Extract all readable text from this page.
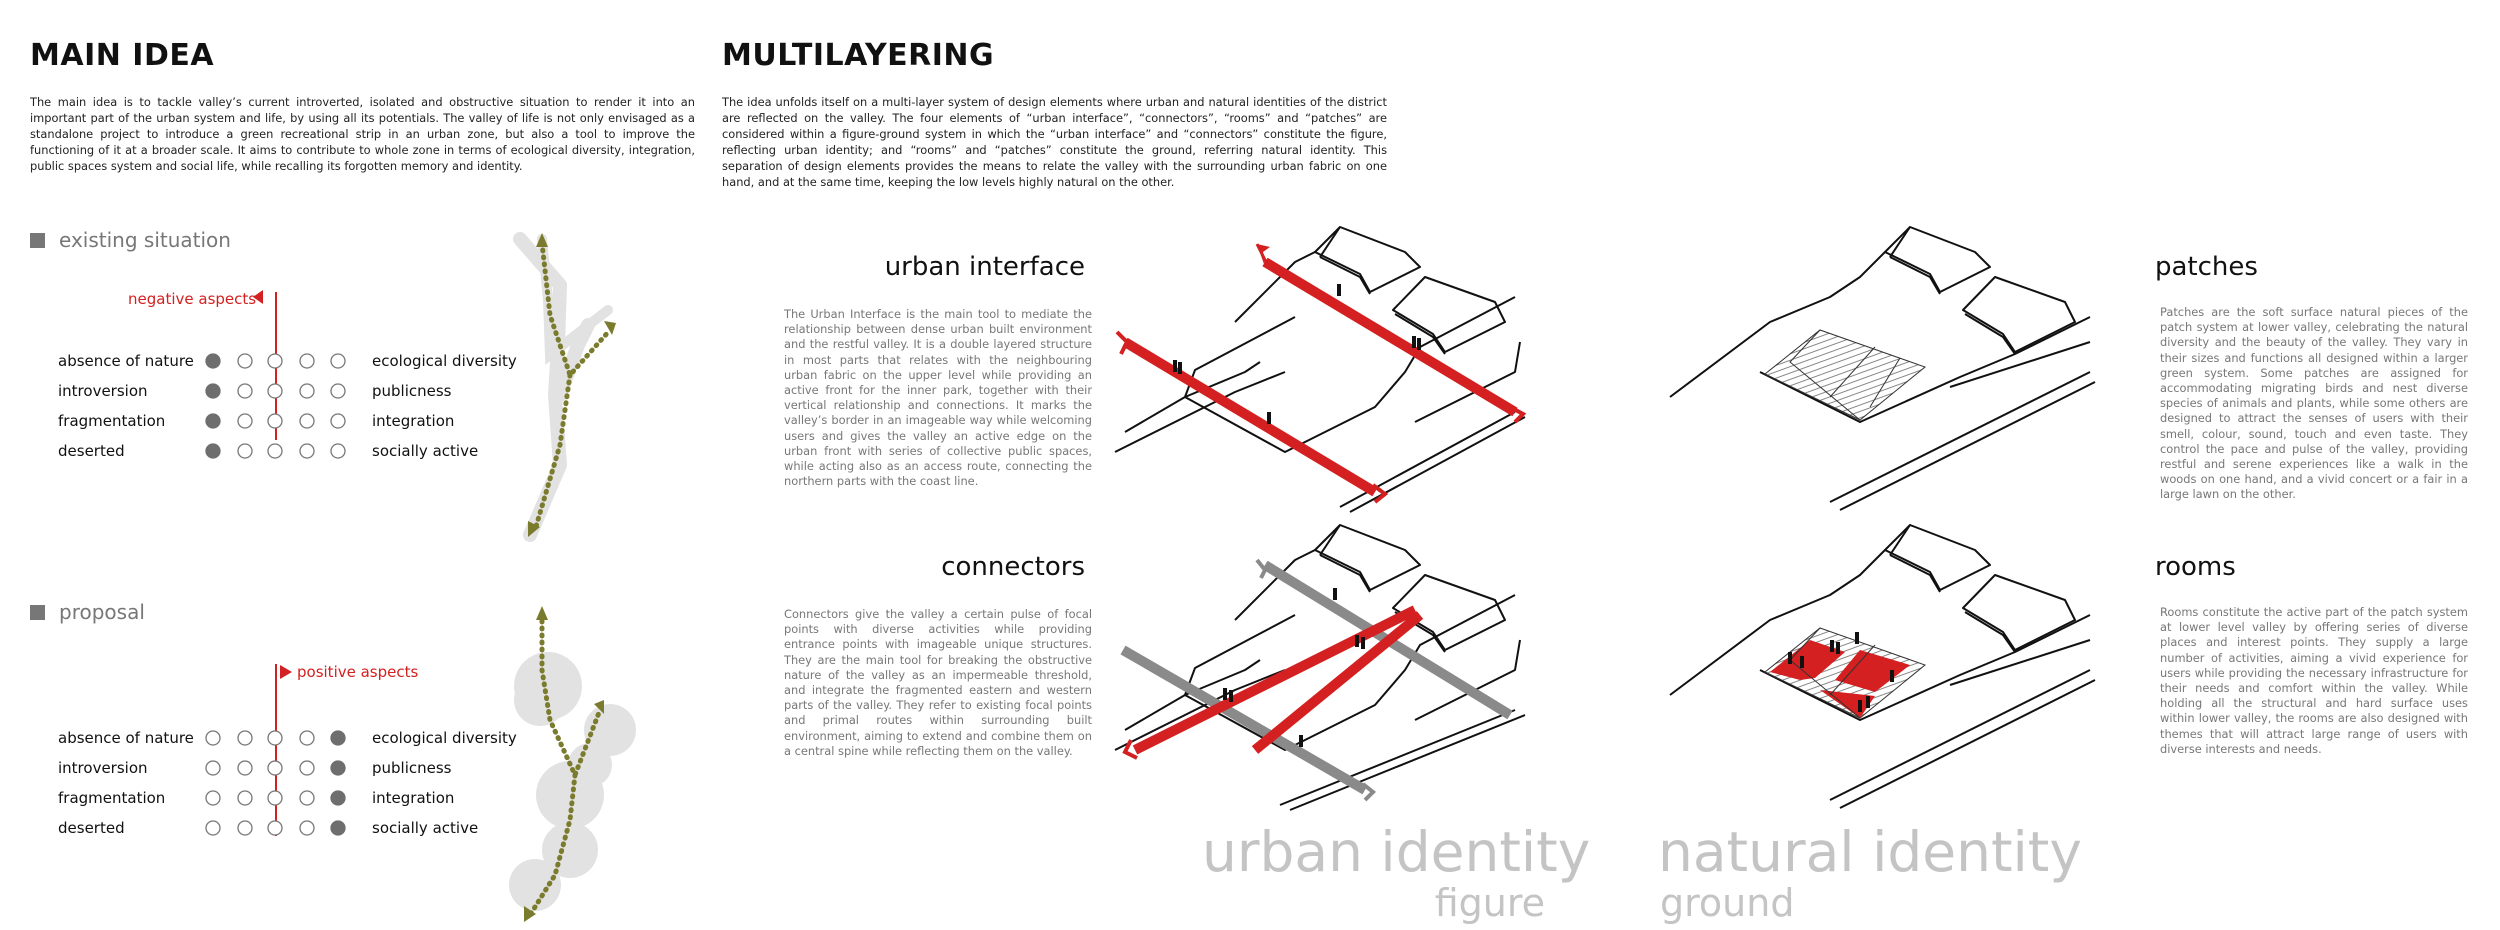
MAIN IDEA
The main idea is to tackle valley’s current introverted, isolated and obstructive situation to render it into an important part of the urban system and life, by using all its potentials. The valley of life is not only envisaged as a standalone project to introduce a green recreational strip in an urban zone, but also a tool to improve the functioning of it at a broader scale. It aims to contribute to whole zone in terms of ecological diversity, integration, public spaces system and social life, while recalling its forgotten memory and identity.
existing situation
negative aspects
absence of nature	ecological diversity
introversion	publicness
fragmentation	integration
deserted	socially active
proposal
positive aspects
absence of nature	ecological diversity
introversion	publicness
fragmentation	integration
deserted	socially active
MULTILAYERING
The idea unfolds itself on a multi-layer system of design elements where urban and natural identities of the district are reflected on the valley. The four elements of “urban interface”, “connectors”, “rooms” and “patches” are considered within a figure-ground system in which the “urban interface” and “connectors” constitute the figure, reflecting urban identity; and “rooms” and “patches” constitute the ground, referring natural identity. This separation of design elements provides the means to relate the valley with the surrounding urban fabric on one hand, and at the same time, keeping the low levels highly natural on the other.
urban interface
The Urban Interface is the main tool to mediate the relationship between dense urban built environment and the restful valley. It is a double layered structure in most parts that relates with the neighbouring urban fabric on the upper level while providing an active front for the inner park, together with their vertical relationship and connections. It marks the valley’s border in an imageable way while welcoming users and gives the valley an active edge on the urban front with series of collective public spaces, while acting also as an access route, connecting the northern parts with the coast line.
connectors
Connectors give the valley a certain pulse of focal points with diverse activities while providing entrance points with imageable unique structures. They are the main tool for breaking the obstructive nature of the valley as an impermeable threshold, and integrate the fragmented eastern and western parts of the valley. They refer to existing focal points and primal routes within surrounding built environment, aiming to extend and combine them on a central spine while reflecting them on the valley.
patches
Patches are the soft surface natural pieces of the patch system at lower valley, celebrating the natural diversity and the beauty of the valley. They vary in their sizes and functions all designed within a larger green system. Some patches are assigned for accommodating migrating birds and nest diverse species of animals and plants, while some others are designed to attract the senses of users with their smell, colour, sound, touch and even taste. They control the pace and pulse of the valley, providing restful and serene experiences like a walk in the woods on one hand, and a vivid concert or a fair in a large lawn on the other.
rooms
Rooms constitute the active part of the patch system at lower level valley by offering series of diverse places and interest points. They supply a large number of activities, aiming a vivid experience for users while providing the necessary infrastructure for their needs and comfort within the valley. While holding all the structural and hard surface uses within lower valley, the rooms are also designed with themes that will attract large range of users with diverse interests and needs.
urban identity
figure
natural identity
ground
